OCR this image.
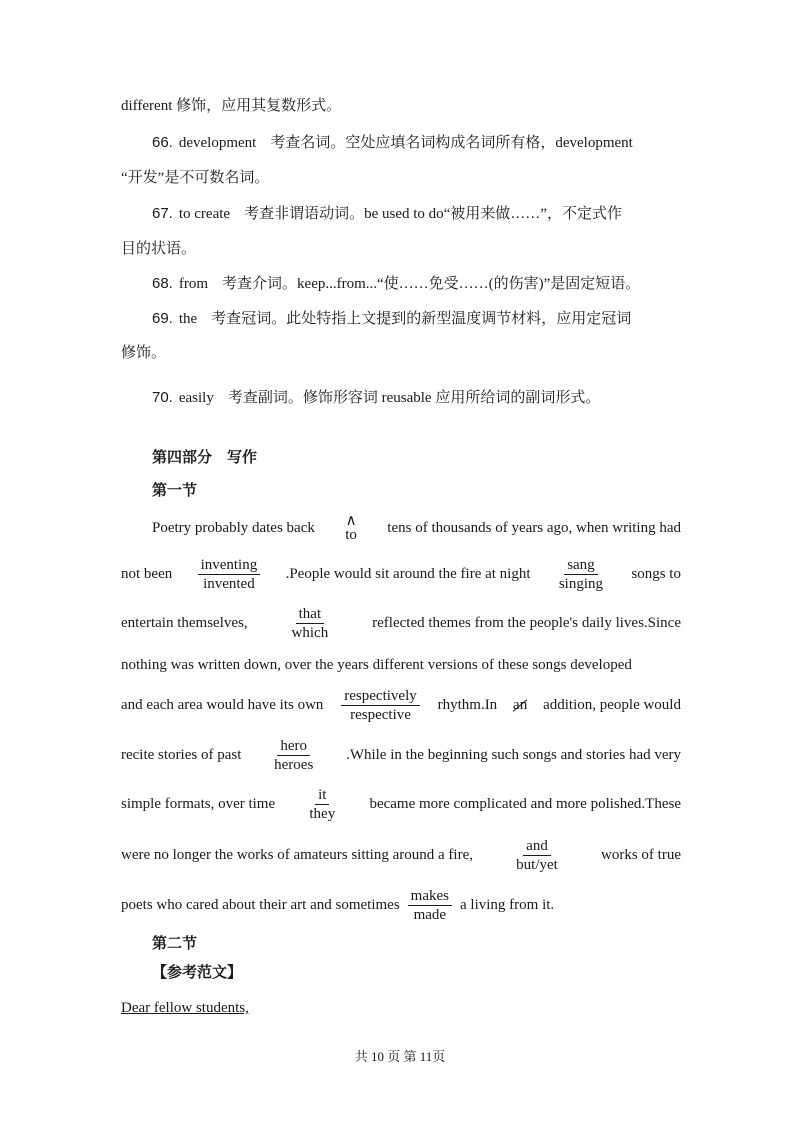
different 修饰，应用其复数形式。
66. development 考查名词。空处应填名词构成名词所有格，development
“开发”是不可数名词。
67. to create 考查非谓语动词。be used to do“被用来做……”，不定式作
目的状语。
68. from 考查介词。keep...from...“使……免受……(的伤害)”是固定短语。
69. the 考查冠词。此处特指上文提到的新型温度调节材料，应用定冠词
修饰。
70. easily 考查副词。修饰形容词 reusable 应用所给词的副词形式。
第四部分　写作
第一节
Poetry probably dates back ∧
to tens of thousands of years ago, when writing had
not been
inventing
invented
.People would sit around the fire at night
sang
singing
songs to
entertain themselves,
that
which
reflected themes from the people's daily lives.Since
nothing was written down, over the years different versions of these songs developed
and each area would have its own
respectively
respective
rhythm.In an addition, people would
recite stories of past
hero
heroes
.While in the beginning such songs and stories had very
simple formats, over time
it
they
became more complicated and more polished.These
were no longer the works of amateurs sitting around a fire,
and
but/yet
works of true
poets who cared about their art and sometimes
makes
made
a living from it.
第二节
【参考范文】
Dear fellow students,
共 10 页 第 11页
